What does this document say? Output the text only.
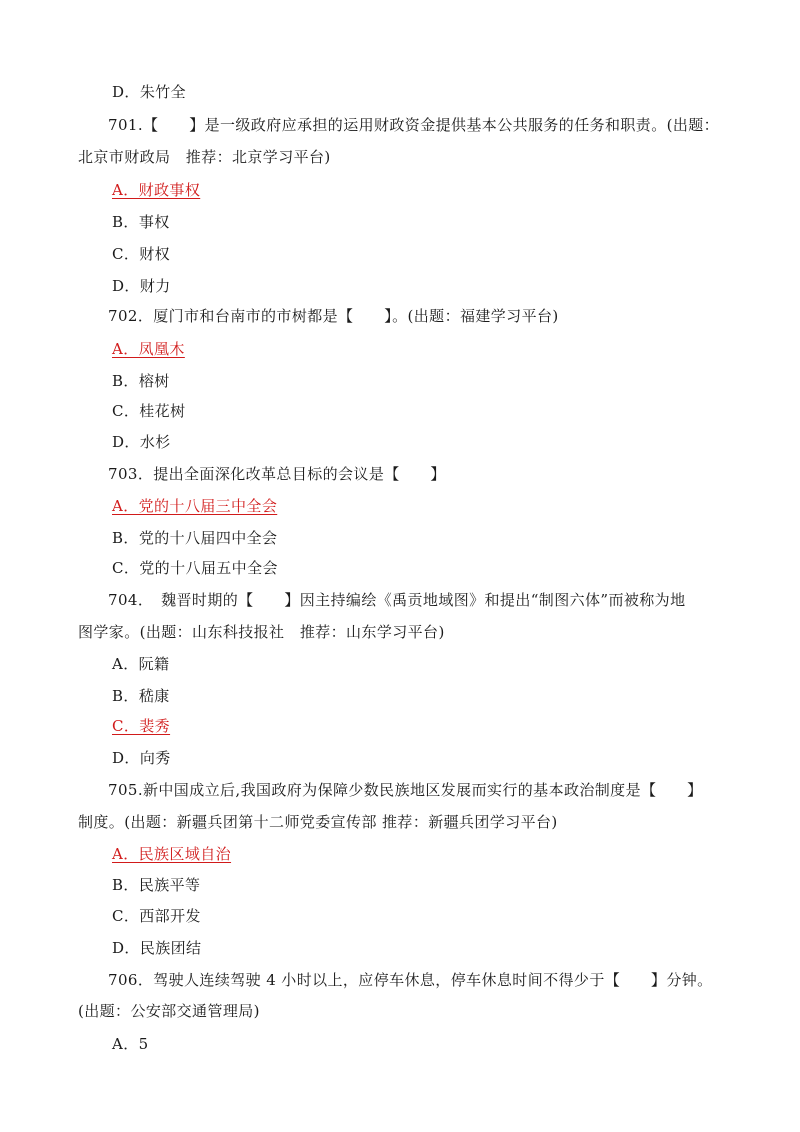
D．朱竹全
701.【　　】是一级政府应承担的运用财政资金提供基本公共服务的任务和职责。(出题：
北京市财政局　推荐：北京学习平台)
A．财政事权
B．事权
C．财权
D．财力
702．厦门市和台南市的市树都是【　　】。(出题：福建学习平台)
A．凤凰木
B．榕树
C．桂花树
D．水杉
703．提出全面深化改革总目标的会议是【　　】
A．党的十八届三中全会
B．党的十八届四中全会
C．党的十八届五中全会
704．　魏晋时期的【　　】因主持编绘《禹贡地域图》和提出“制图六体”而被称为地
图学家。(出题：山东科技报社　推荐：山东学习平台)
A．阮籍
B．嵇康
C．裴秀
D．向秀
705.新中国成立后,我国政府为保障少数民族地区发展而实行的基本政治制度是【　　】
制度。(出题：新疆兵团第十二师党委宣传部 推荐：新疆兵团学习平台)
A．民族区域自治
B．民族平等
C．西部开发
D．民族团结
706．驾驶人连续驾驶 4 小时以上，应停车休息，停车休息时间不得少于【　　】分钟。
(出题：公安部交通管理局)
A．5
